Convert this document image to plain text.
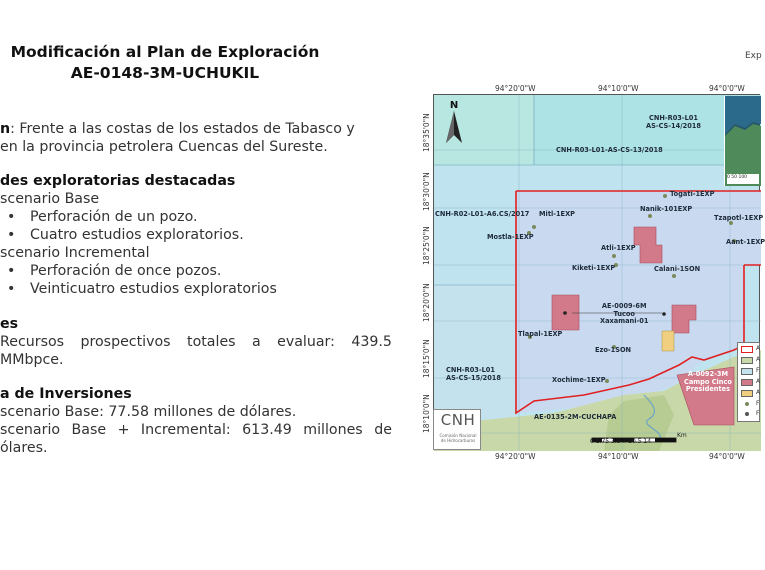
Modificación al Plan de Exploración
AE-0148-3M-UCHUKIL
Exp
n: Frente a las costas de los estados de Tabasco y
en la provincia petrolera Cuencas del Sureste.
des exploratorias destacadas
scenario Base
• Perforación de un pozo.
• Cuatro estudios exploratorios.
scenario Incremental
• Perforación de once pozos.
• Veinticuatro estudios exploratorios
es
Recursos prospectivos totales a evaluar: 439.5
MMbpce.
a de Inversiones
scenario Base: 77.58 millones de dólares.
scenario Base + Incremental: 613.49 millones de
ólares.
94°20'0"W	94°10'0"W	94°0'0"W
94°20'0"W	94°10'0"W	94°0'0"W
18°35'0"N
18°30'0"N
18°25'0"N
18°20'0"N
18°15'0"N
18°10'0"N
CNH-R03-L01
AS-CS-14/2018
CNH-R03-L01-AS-CS-13/2018
CNH-R02-L01-A6.CS/2017
CNH-R03-L01
AS-CS-15/2018
AE-0135-2M-CUCHAPA
A-0092-3M
Campo Cinco
Presidentes
Togati-1EXP
Nanik-101EXP
Tzapotl-1EXP
Mitl-1EXP
Mostla-1EXP
Aant-1EXP
Atli-1EXP
Kiketi-1EXP	Calani-1SON
AE-0009-6M
Tucoo
Xaxamani-01
Tlapal-1EXP
Ezo-1SON
Xochime-1EXP
0 50 100
N
0 1.75 3.5 7 10.5 14
Km
A
A
F
A
A
F
F
CNH
Comisión Nacional
de Hidrocarburos
